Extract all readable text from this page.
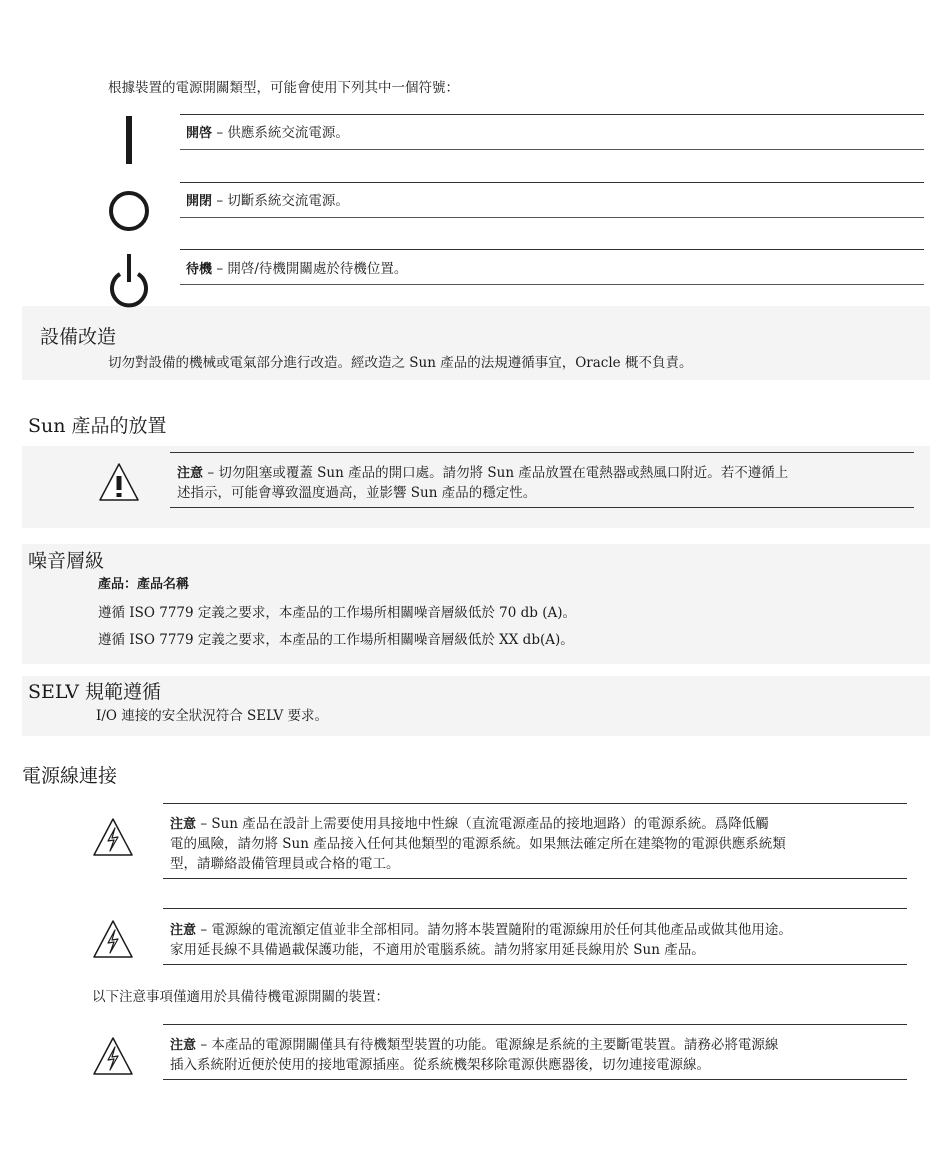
根據裝置的電源開關類型，可能會使用下列其中一個符號：
開啓 – 供應系統交流電源。
開閉 – 切斷系統交流電源。
待機 – 開啓/待機開關處於待機位置。
設備改造
切勿對設備的機械或電氣部分進行改造。經改造之 Sun 產品的法規遵循事宜，Oracle 概不負責。
Sun 產品的放置
注意 – 切勿阻塞或覆蓋 Sun 產品的開口處。請勿將 Sun 產品放置在電熱器或熱風口附近。若不遵循上
述指示，可能會導致溫度過高，並影響 Sun 產品的穩定性。
噪音層級
產品：產品名稱
遵循 ISO 7779 定義之要求，本產品的工作場所相關噪音層級低於 70 db (A)。
遵循 ISO 7779 定義之要求，本產品的工作場所相關噪音層級低於 XX db(A)。
SELV 規範遵循
I/O 連接的安全狀況符合 SELV 要求。
電源線連接
注意 – Sun 產品在設計上需要使用具接地中性線（直流電源產品的接地迴路）的電源系統。爲降低觸
電的風險，請勿將 Sun 產品接入任何其他類型的電源系統。如果無法確定所在建築物的電源供應系統類
型，請聯絡設備管理員或合格的電工。
注意 – 電源線的電流額定值並非全部相同。請勿將本裝置隨附的電源線用於任何其他產品或做其他用途。
家用延長線不具備過載保護功能，不適用於電腦系統。請勿將家用延長線用於 Sun 產品。
以下注意事項僅適用於具備待機電源開關的裝置：
注意 – 本產品的電源開關僅具有待機類型裝置的功能。電源線是系統的主要斷電裝置。請務必將電源線
插入系統附近便於使用的接地電源插座。從系統機架移除電源供應器後，切勿連接電源線。
